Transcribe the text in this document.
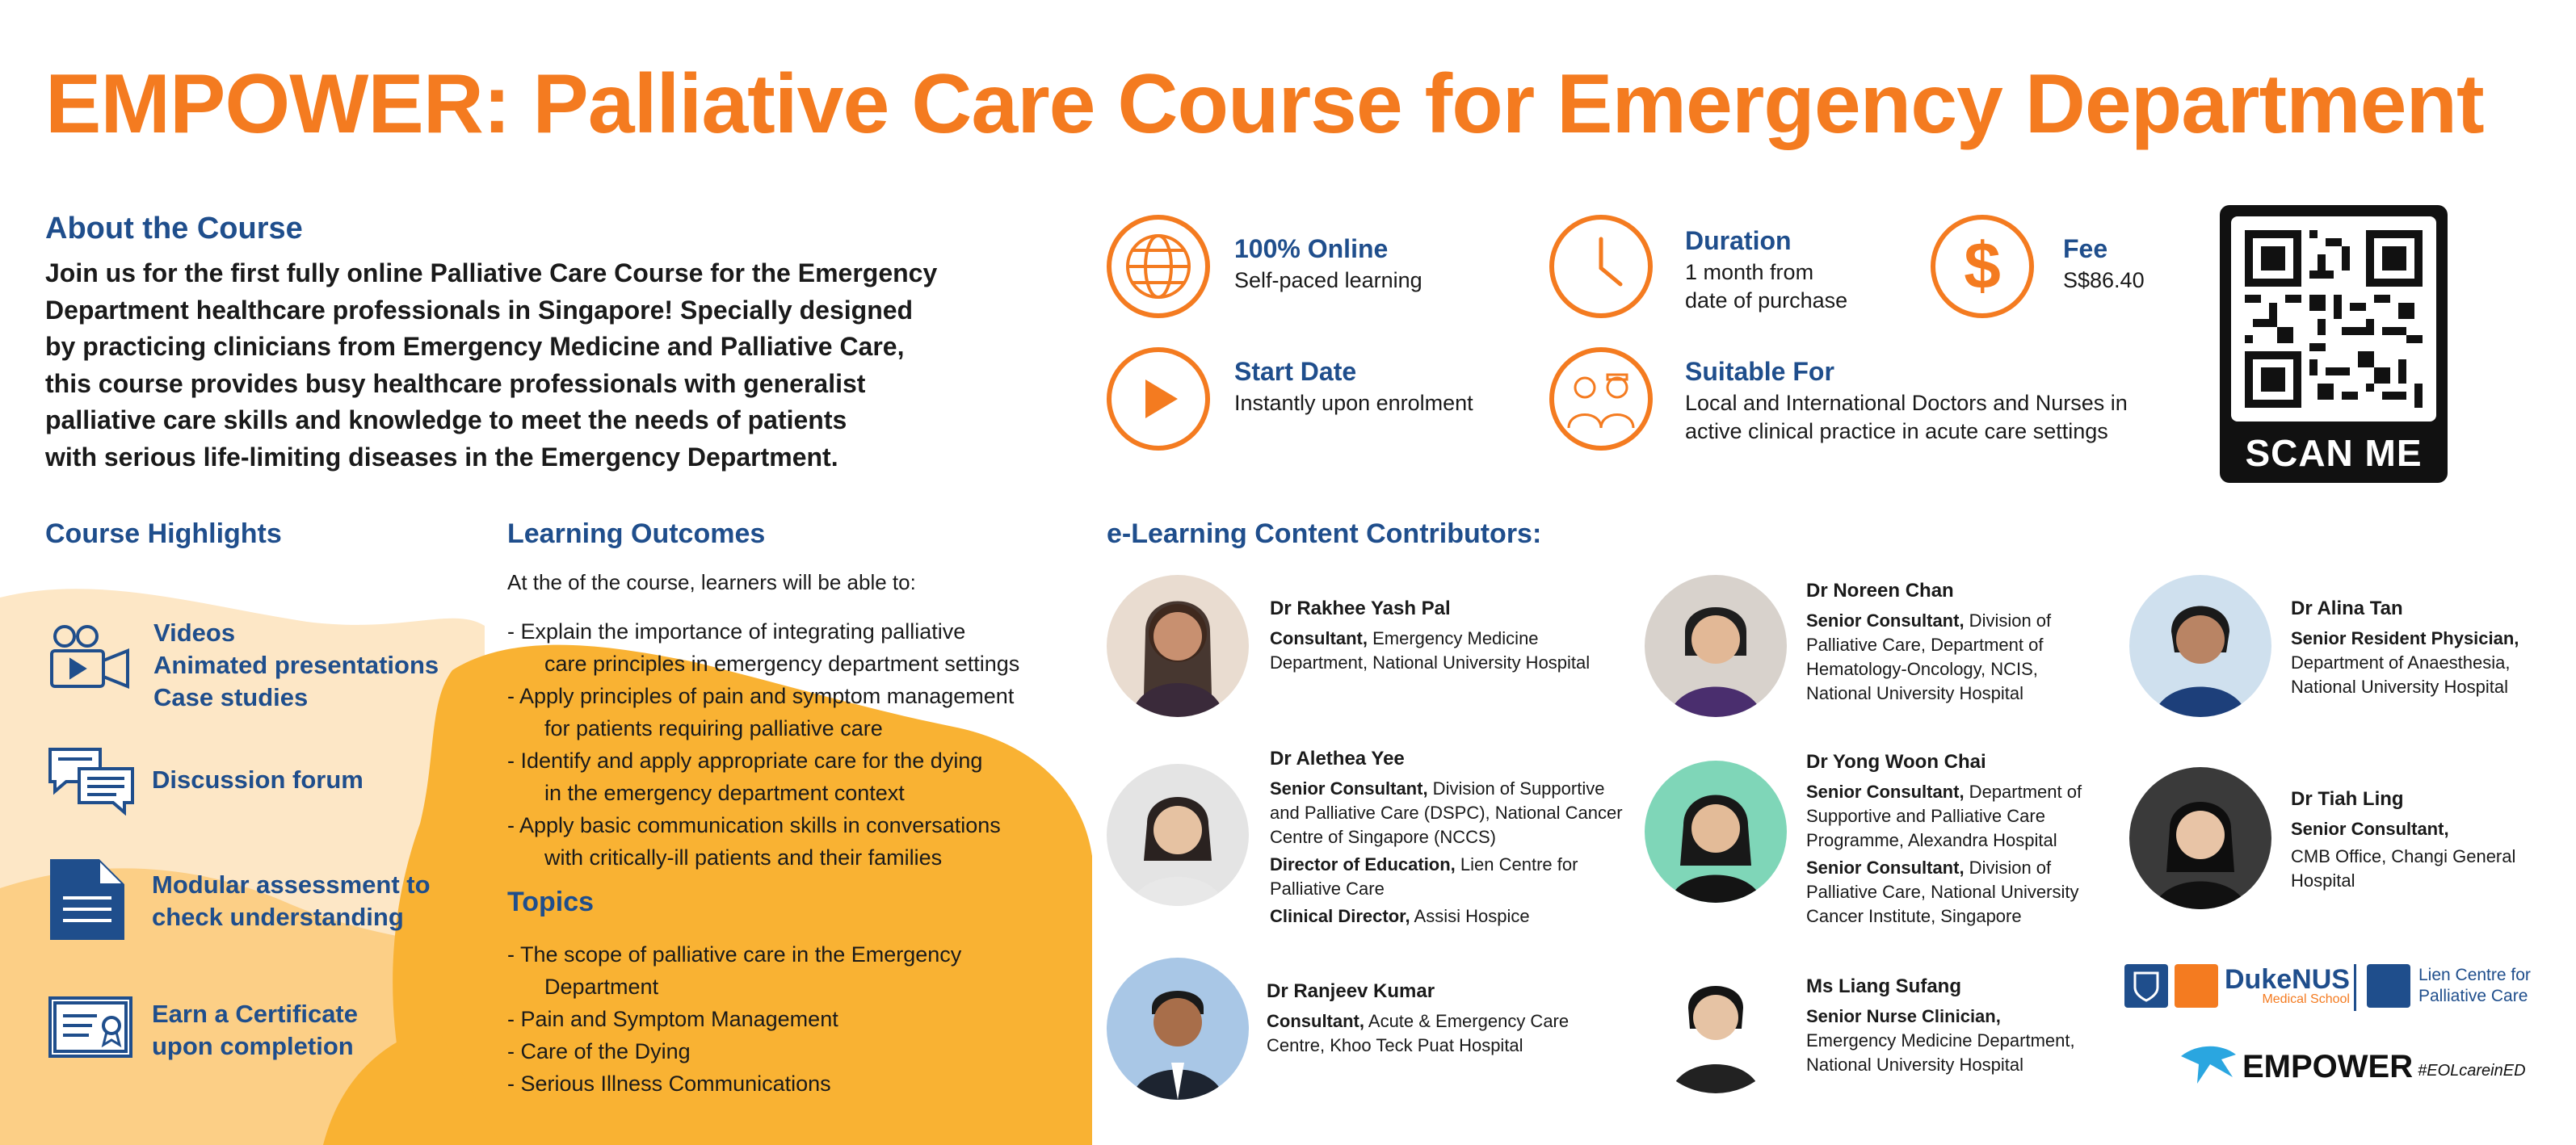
EMPOWER: Palliative Care Course for Emergency Department
About the Course
Join us for the first fully online Palliative Care Course for the Emergency
Department healthcare professionals in Singapore! Specially designed
by practicing clinicians from Emergency Medicine and Palliative Care,
this course provides busy healthcare professionals with generalist
palliative care skills and knowledge to meet the needs of patients
with serious life-limiting diseases in the Emergency Department.
100% Online
Self-paced learning
Duration
1 month from
date of purchase $ Fee
S$86.40
Start Date
Instantly upon enrolment
Suitable For
Local and International Doctors and Nurses in
active clinical practice in acute care settings
SCAN ME
Course Highlights
Videos
Animated presentations
Case studies
Discussion forum
Modular assessment to
check understanding
Earn a Certificate
upon completion
Learning Outcomes
At the of the course, learners will be able to:
- Explain the importance of integrating palliative
care principles in emergency department settings
- Apply principles of pain and symptom management
for patients requiring palliative care
- Identify and apply appropriate care for the dying
in the emergency department context
- Apply basic communication skills in conversations
with critically-ill patients and their families
Topics
- The scope of palliative care in the Emergency
Department
- Pain and Symptom Management
- Care of the Dying
- Serious Illness Communications
e-Learning Content Contributors:
Dr Rakhee Yash Pal
Consultant, Emergency Medicine
Department, National University Hospital
Dr Noreen Chan
Senior Consultant, Division of
Palliative Care, Department of
Hematology-Oncology, NCIS,
National University Hospital
Dr Alina Tan
Senior Resident Physician,
Department of Anaesthesia,
National University Hospital
Dr Alethea Yee
Senior Consultant, Division of Supportive
and Palliative Care (DSPC), National Cancer
Centre of Singapore (NCCS)
Director of Education, Lien Centre for
Palliative Care
Clinical Director, Assisi Hospice
Dr Yong Woon Chai
Senior Consultant, Department of
Supportive and Palliative Care
Programme, Alexandra Hospital
Senior Consultant, Division of
Palliative Care, National University
Cancer Institute, Singapore
Dr Tiah Ling
Senior Consultant,
CMB Office, Changi General
Hospital
Dr Ranjeev Kumar
Consultant, Acute & Emergency Care
Centre, Khoo Teck Puat Hospital
Ms Liang Sufang
Senior Nurse Clinician,
Emergency Medicine Department,
National University Hospital
DukeNUS
Medical School
Lien Centre for
Palliative Care
EMPOWER #EOLcareinED
